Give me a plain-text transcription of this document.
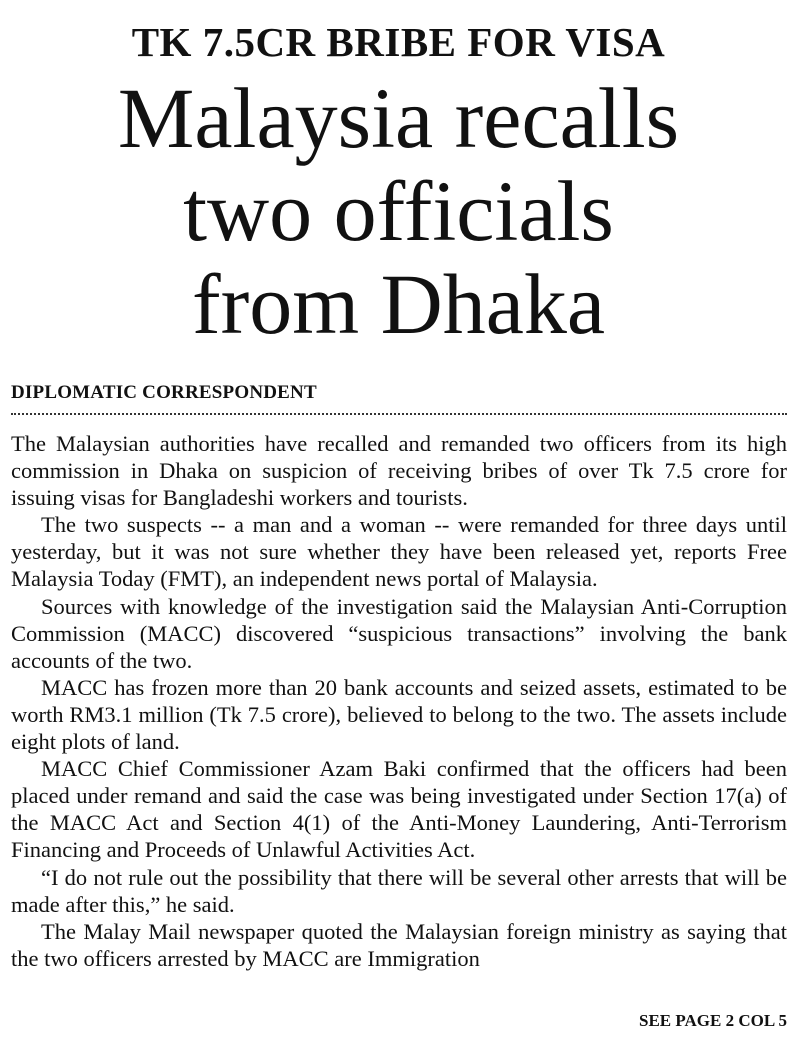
TK 7.5CR BRIBE FOR VISA
Malaysia recalls
two officials
from Dhaka
DIPLOMATIC CORRESPONDENT

The Malaysian authorities have recalled and remanded two officers from its high commission in Dhaka on suspicion of receiving bribes of over Tk 7.5 crore for issuing visas for Bangladeshi workers and tourists.

The two suspects -- a man and a woman -- were remanded for three days until yesterday, but it was not sure whether they have been released yet, reports Free Malaysia Today (FMT), an independent news portal of Malaysia.

Sources with knowledge of the investigation said the Malaysian Anti-Corruption Commission (MACC) discovered “suspicious transactions” involving the bank accounts of the two.

MACC has frozen more than 20 bank accounts and seized assets, estimated to be worth RM3.1 million (Tk 7.5 crore), believed to belong to the two. The assets include eight plots of land.

MACC Chief Commissioner Azam Baki confirmed that the officers had been placed under remand and said the case was being investigated under Section 17(a) of the MACC Act and Section 4(1) of the Anti-Money Laundering, Anti-Terrorism Financing and Proceeds of Unlawful Activities Act.

“I do not rule out the possibility that there will be several other arrests that will be made after this,” he said.

The Malay Mail newspaper quoted the Malaysian foreign ministry as saying that the two officers arrested by MACC are Immigration

SEE PAGE 2 COL 5
